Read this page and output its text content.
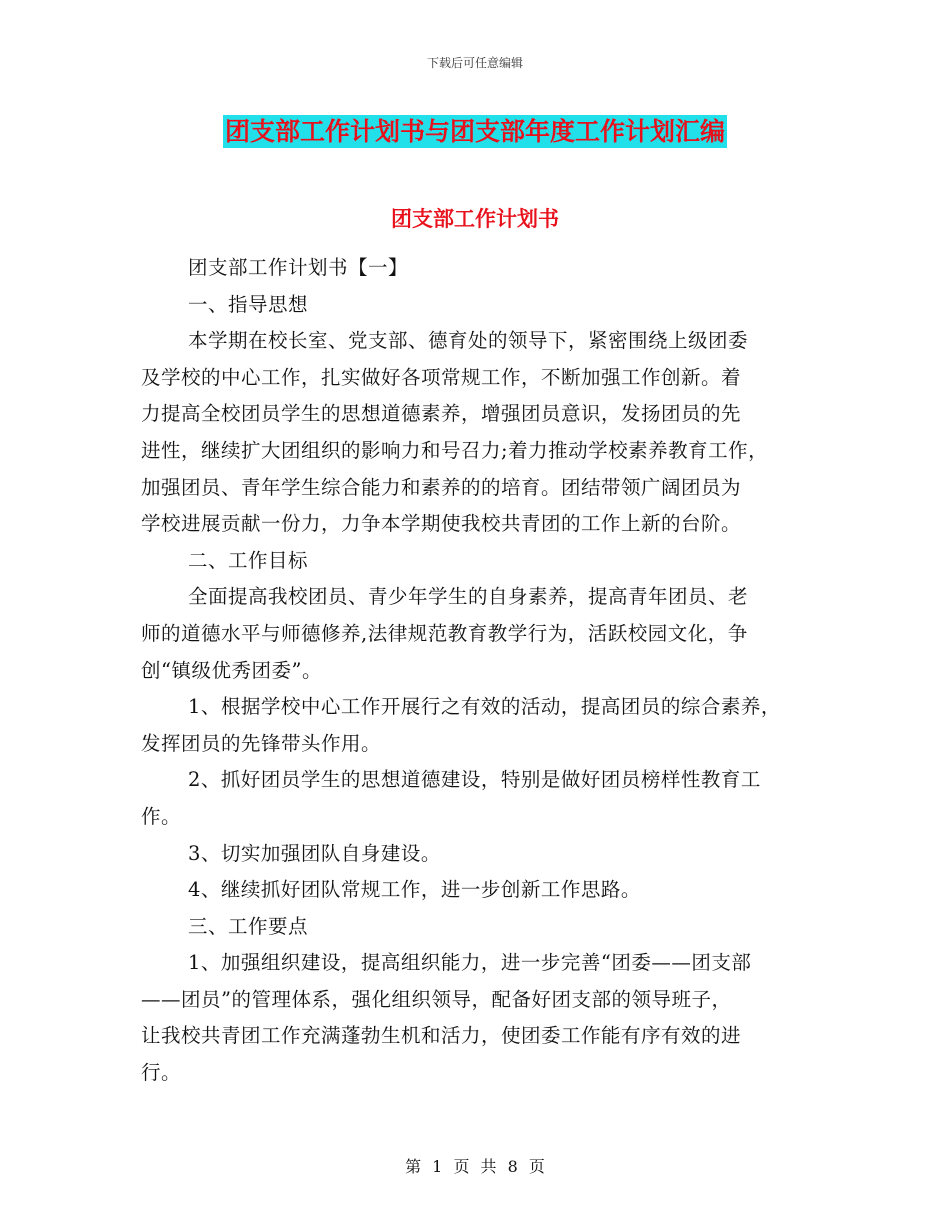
下载后可任意编辑
团支部工作计划书与团支部年度工作计划汇编
团支部工作计划书
团支部工作计划书【一】
一、指导思想
本学期在校长室、党支部、德育处的领导下，紧密围绕上级团委
及学校的中心工作，扎实做好各项常规工作，不断加强工作创新。着
力提高全校团员学生的思想道德素养，增强团员意识，发扬团员的先
进性，继续扩大团组织的影响力和号召力;着力推动学校素养教育工作，
加强团员、青年学生综合能力和素养的的培育。团结带领广阔团员为
学校进展贡献一份力，力争本学期使我校共青团的工作上新的台阶。
二、工作目标
全面提高我校团员、青少年学生的自身素养，提高青年团员、老
师的道德水平与师德修养,法律规范教育教学行为，活跃校园文化，争
创“镇级优秀团委”。
1、根据学校中心工作开展行之有效的活动，提高团员的综合素养，
发挥团员的先锋带头作用。
2、抓好团员学生的思想道德建设，特别是做好团员榜样性教育工
作。
3、切实加强团队自身建设。
4、继续抓好团队常规工作，进一步创新工作思路。
三、工作要点
1、加强组织建设，提高组织能力，进一步完善“团委——团支部
——团员”的管理体系，强化组织领导，配备好团支部的领导班子，
让我校共青团工作充满蓬勃生机和活力，使团委工作能有序有效的进
行。
第 1 页 共 8 页
